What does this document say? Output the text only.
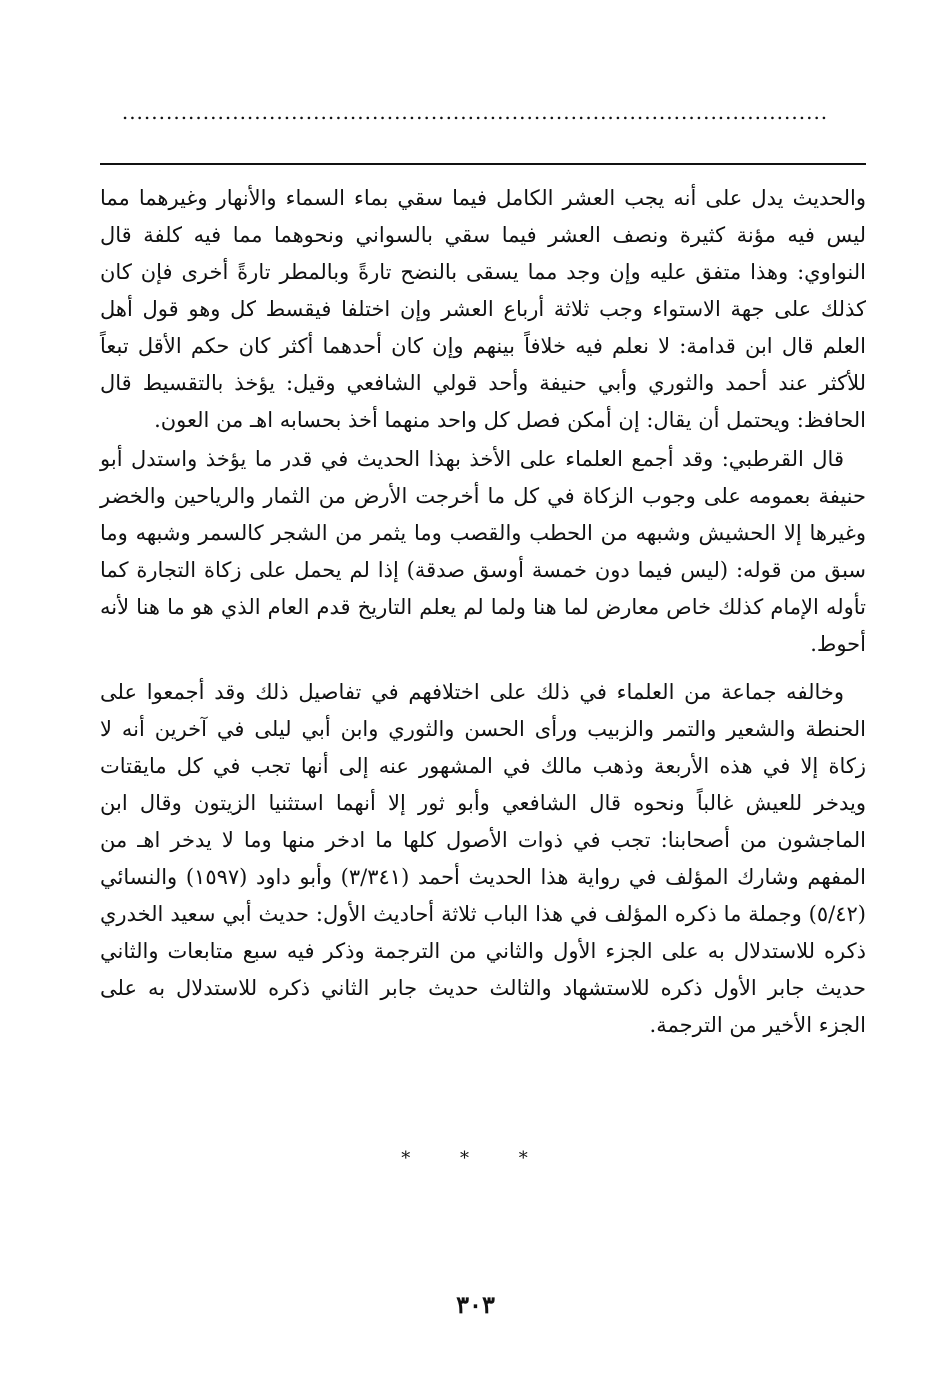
................................................................................................

والحديث يدل على أنه يجب العشر الكامل فيما سقي بماء السماء والأنهار وغيرهما مما ليس فيه مؤنة كثيرة ونصف العشر فيما سقي بالسواني ونحوهما مما فيه كلفة قال النواوي: وهذا متفق عليه وإن وجد مما يسقى بالنضح تارةً وبالمطر تارةً أخرى فإن كان كذلك على جهة الاستواء وجب ثلاثة أرباع العشر وإن اختلفا فيقسط كل وهو قول أهل العلم قال ابن قدامة: لا نعلم فيه خلافاً بينهم وإن كان أحدهما أكثر كان حكم الأقل تبعاً للأكثر عند أحمد والثوري وأبي حنيفة وأحد قولي الشافعي وقيل: يؤخذ بالتقسيط قال الحافظ: ويحتمل أن يقال: إن أمكن فصل كل واحد منهما أخذ بحسابه اهـ من العون.

قال القرطبي: وقد أجمع العلماء على الأخذ بهذا الحديث في قدر ما يؤخذ واستدل أبو حنيفة بعمومه على وجوب الزكاة في كل ما أخرجت الأرض من الثمار والرياحين والخضر وغيرها إلا الحشيش وشبهه من الحطب والقصب وما يثمر من الشجر كالسمر وشبهه وما سبق من قوله: (ليس فيما دون خمسة أوسق صدقة) إذا لم يحمل على زكاة التجارة كما تأوله الإمام كذلك خاص معارض لما هنا ولما لم يعلم التاريخ قدم العام الذي هو ما هنا لأنه أحوط.

وخالفه جماعة من العلماء في ذلك على اختلافهم في تفاصيل ذلك وقد أجمعوا على الحنطة والشعير والتمر والزبيب ورأى الحسن والثوري وابن أبي ليلى في آخرين أنه لا زكاة إلا في هذه الأربعة وذهب مالك في المشهور عنه إلى أنها تجب في كل مايقتات ويدخر للعيش غالباً ونحوه قال الشافعي وأبو ثور إلا أنهما استثنيا الزيتون وقال ابن الماجشون من أصحابنا: تجب في ذوات الأصول كلها ما ادخر منها وما لا يدخر اهـ من المفهم وشارك المؤلف في رواية هذا الحديث أحمد (٣/٣٤١) وأبو داود (١٥٩٧) والنسائي (٥/٤٢) وجملة ما ذكره المؤلف في هذا الباب ثلاثة أحاديث الأول: حديث أبي سعيد الخدري ذكره للاستدلال به على الجزء الأول والثاني من الترجمة وذكر فيه سبع متابعات والثاني حديث جابر الأول ذكره للاستشهاد والثالث حديث جابر الثاني ذكره للاستدلال به على الجزء الأخير من الترجمة.

* * *
٣٠٣
